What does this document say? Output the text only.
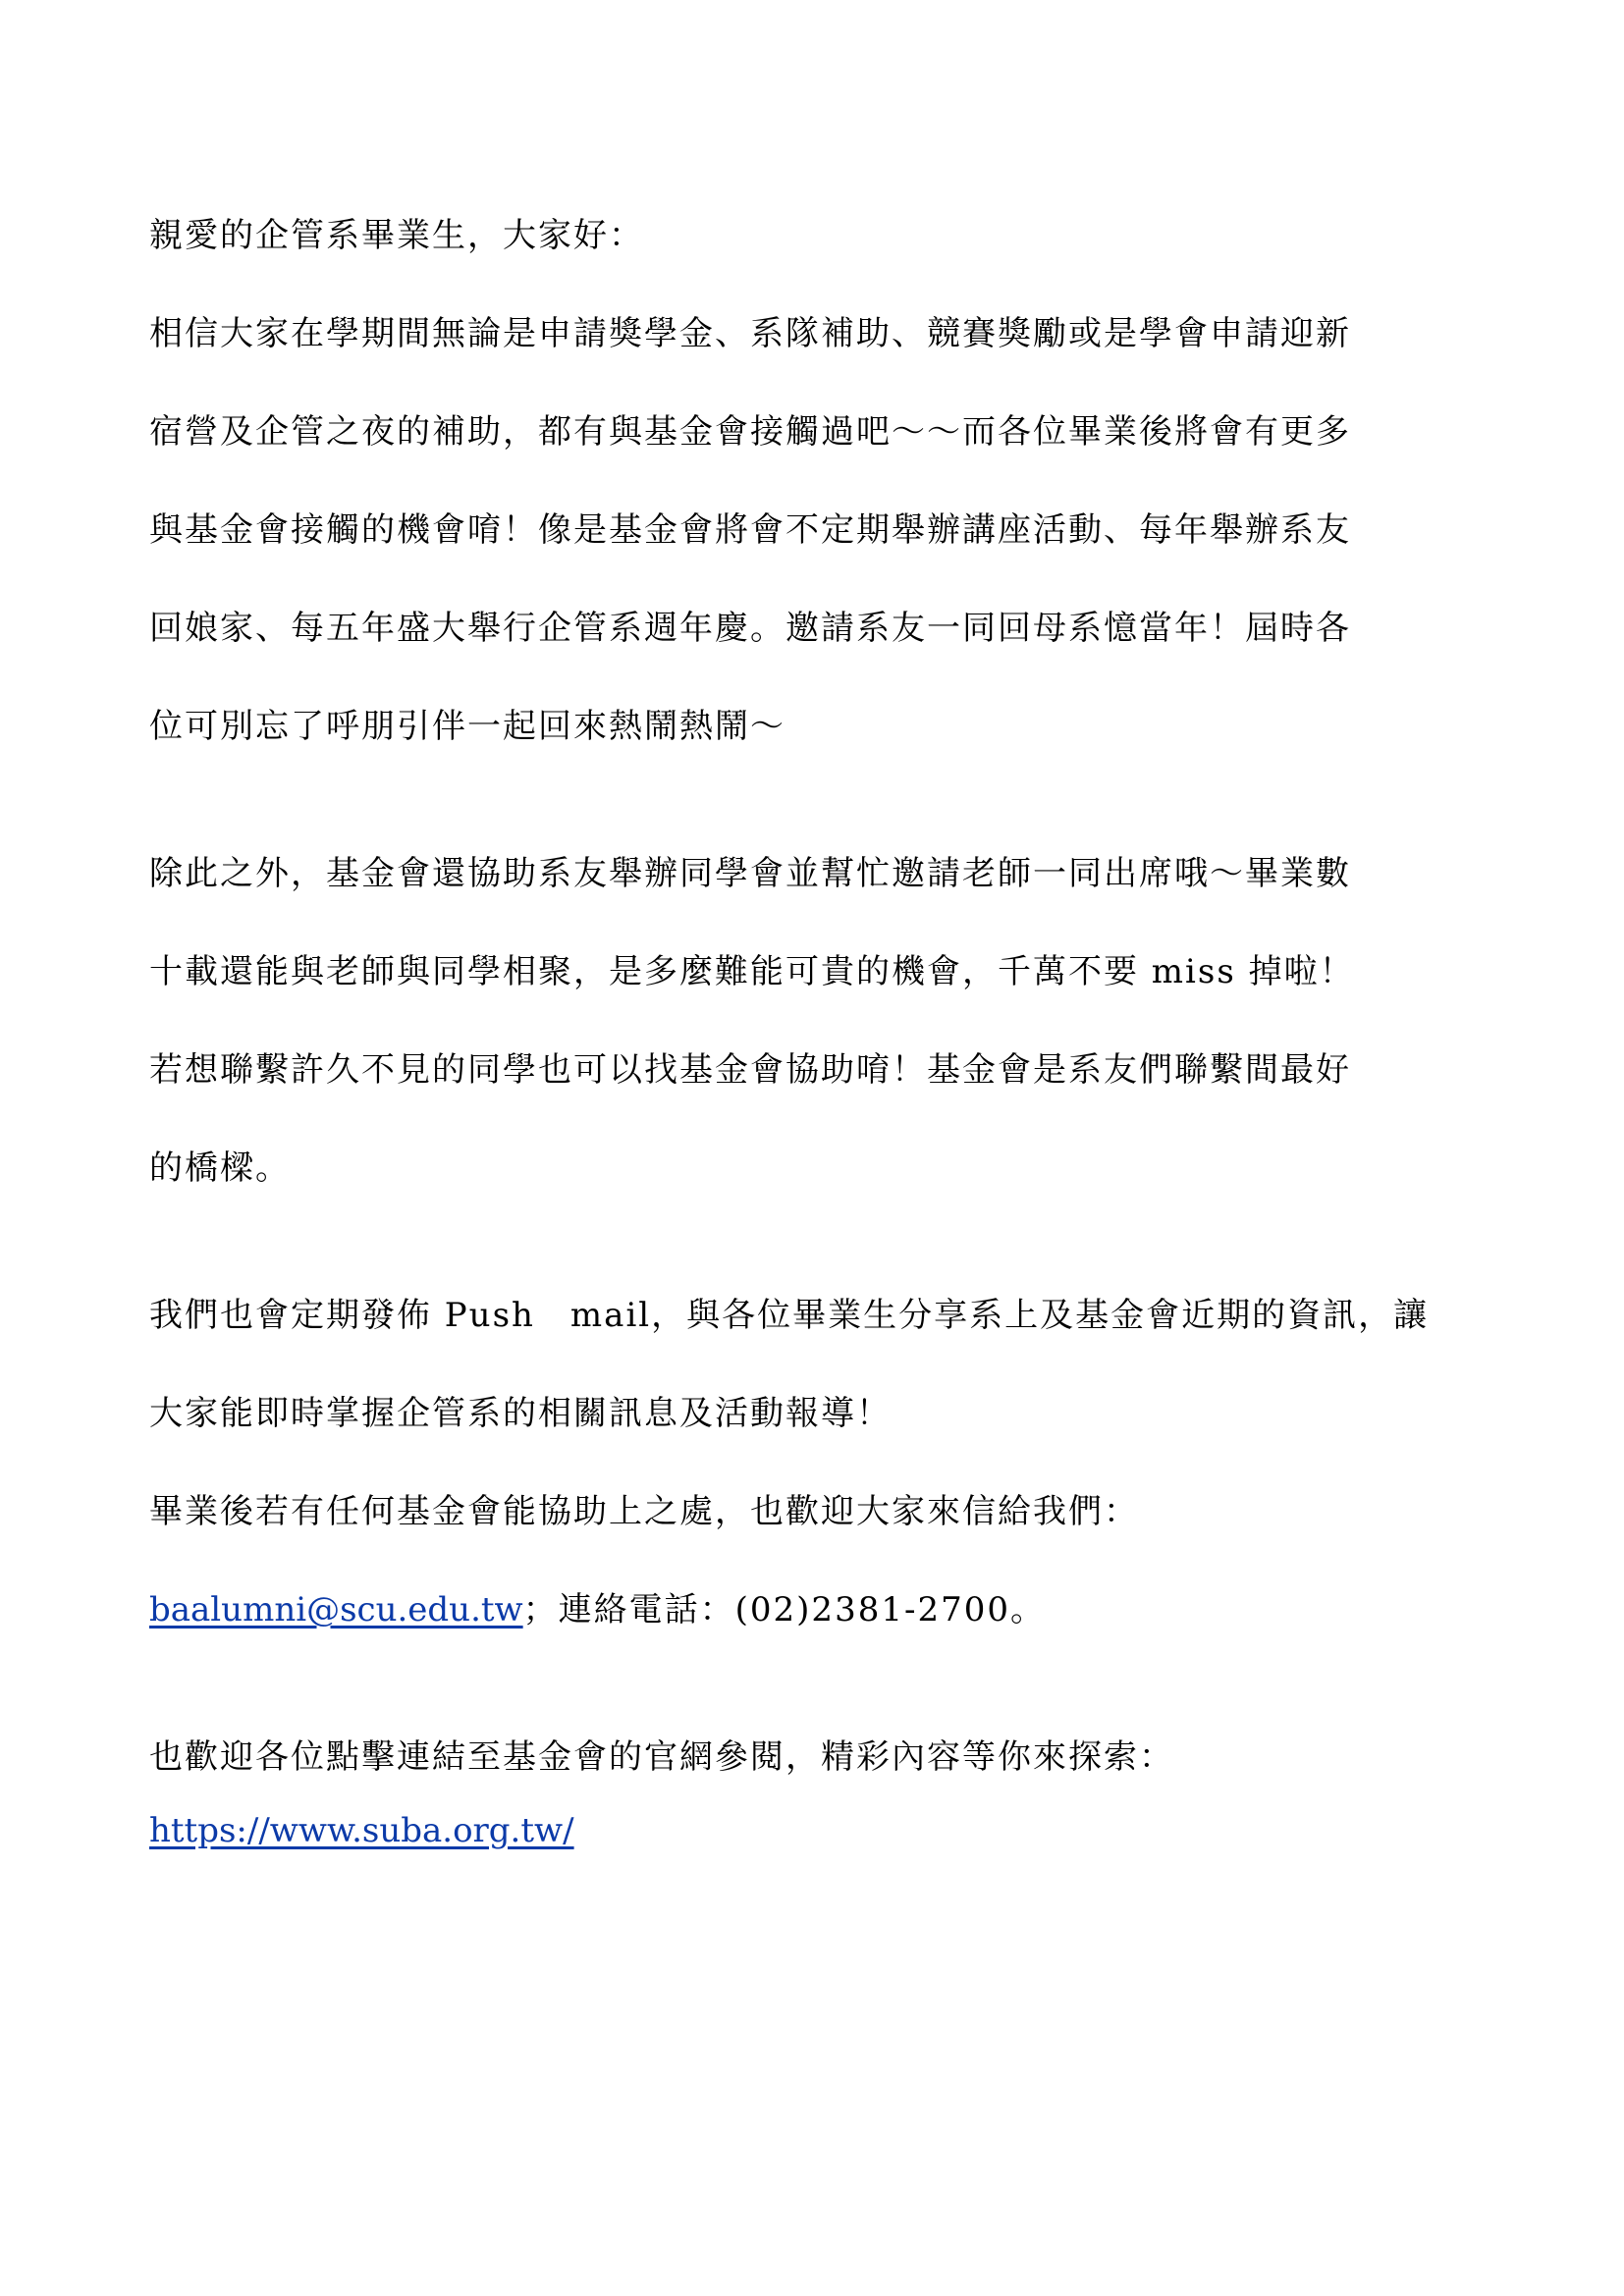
親愛的企管系畢業生，大家好：
相信大家在學期間無論是申請獎學金、系隊補助、競賽獎勵或是學會申請迎新
宿營及企管之夜的補助，都有與基金會接觸過吧～～而各位畢業後將會有更多
與基金會接觸的機會唷！像是基金會將會不定期舉辦講座活動、每年舉辦系友
回娘家、每五年盛大舉行企管系週年慶。邀請系友一同回母系憶當年！屆時各
位可別忘了呼朋引伴一起回來熱鬧熱鬧～
除此之外，基金會還協助系友舉辦同學會並幫忙邀請老師一同出席哦～畢業數
十載還能與老師與同學相聚，是多麼難能可貴的機會，千萬不要 miss 掉啦！
若想聯繫許久不見的同學也可以找基金會協助唷！基金會是系友們聯繫間最好
的橋樑。
我們也會定期發佈 Push　mail，與各位畢業生分享系上及基金會近期的資訊，讓
大家能即時掌握企管系的相關訊息及活動報導！
畢業後若有任何基金會能協助上之處，也歡迎大家來信給我們：
baalumni@scu.edu.tw；連絡電話：(02)2381-2700。
也歡迎各位點擊連結至基金會的官網參閱，精彩內容等你來探索：
https://www.suba.org.tw/
